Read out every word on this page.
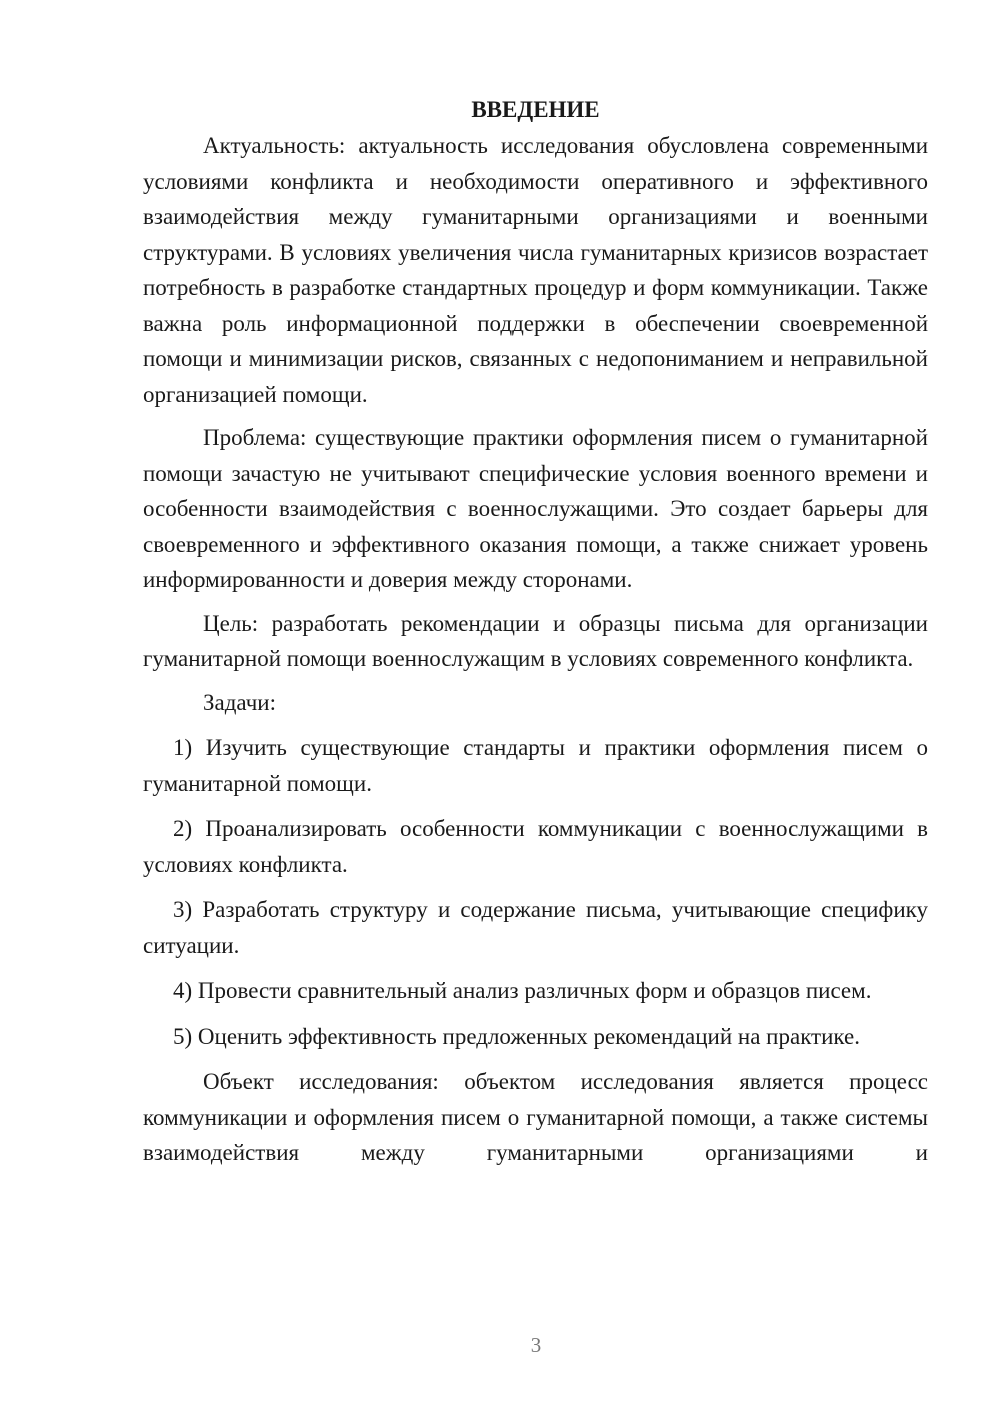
ВВЕДЕНИЕ

Актуальность: актуальность исследования обусловлена современными условиями конфликта и необходимости оперативного и эффективного взаимодействия между гуманитарными организациями и военными структурами. В условиях увеличения числа гуманитарных кризисов возрастает потребность в разработке стандартных процедур и форм коммуникации. Также важна роль информационной поддержки в обеспечении своевременной помощи и минимизации рисков, связанных с недопониманием и неправильной организацией помощи.

Проблема: существующие практики оформления писем о гуманитарной помощи зачастую не учитывают специфические условия военного времени и особенности взаимодействия с военнослужащими. Это создает барьеры для своевременного и эффективного оказания помощи, а также снижает уровень информированности и доверия между сторонами.

Цель: разработать рекомендации и образцы письма для организации гуманитарной помощи военнослужащим в условиях современного конфликта.

Задачи:

1) Изучить существующие стандарты и практики оформления писем о гуманитарной помощи.

2) Проанализировать особенности коммуникации с военнослужащими в условиях конфликта.

3) Разработать структуру и содержание письма, учитывающие специфику ситуации.

4) Провести сравнительный анализ различных форм и образцов писем.

5) Оценить эффективность предложенных рекомендаций на практике.

Объект исследования: объектом исследования является процесс коммуникации и оформления писем о гуманитарной помощи, а также системы взаимодействия между гуманитарными организациями и

3
